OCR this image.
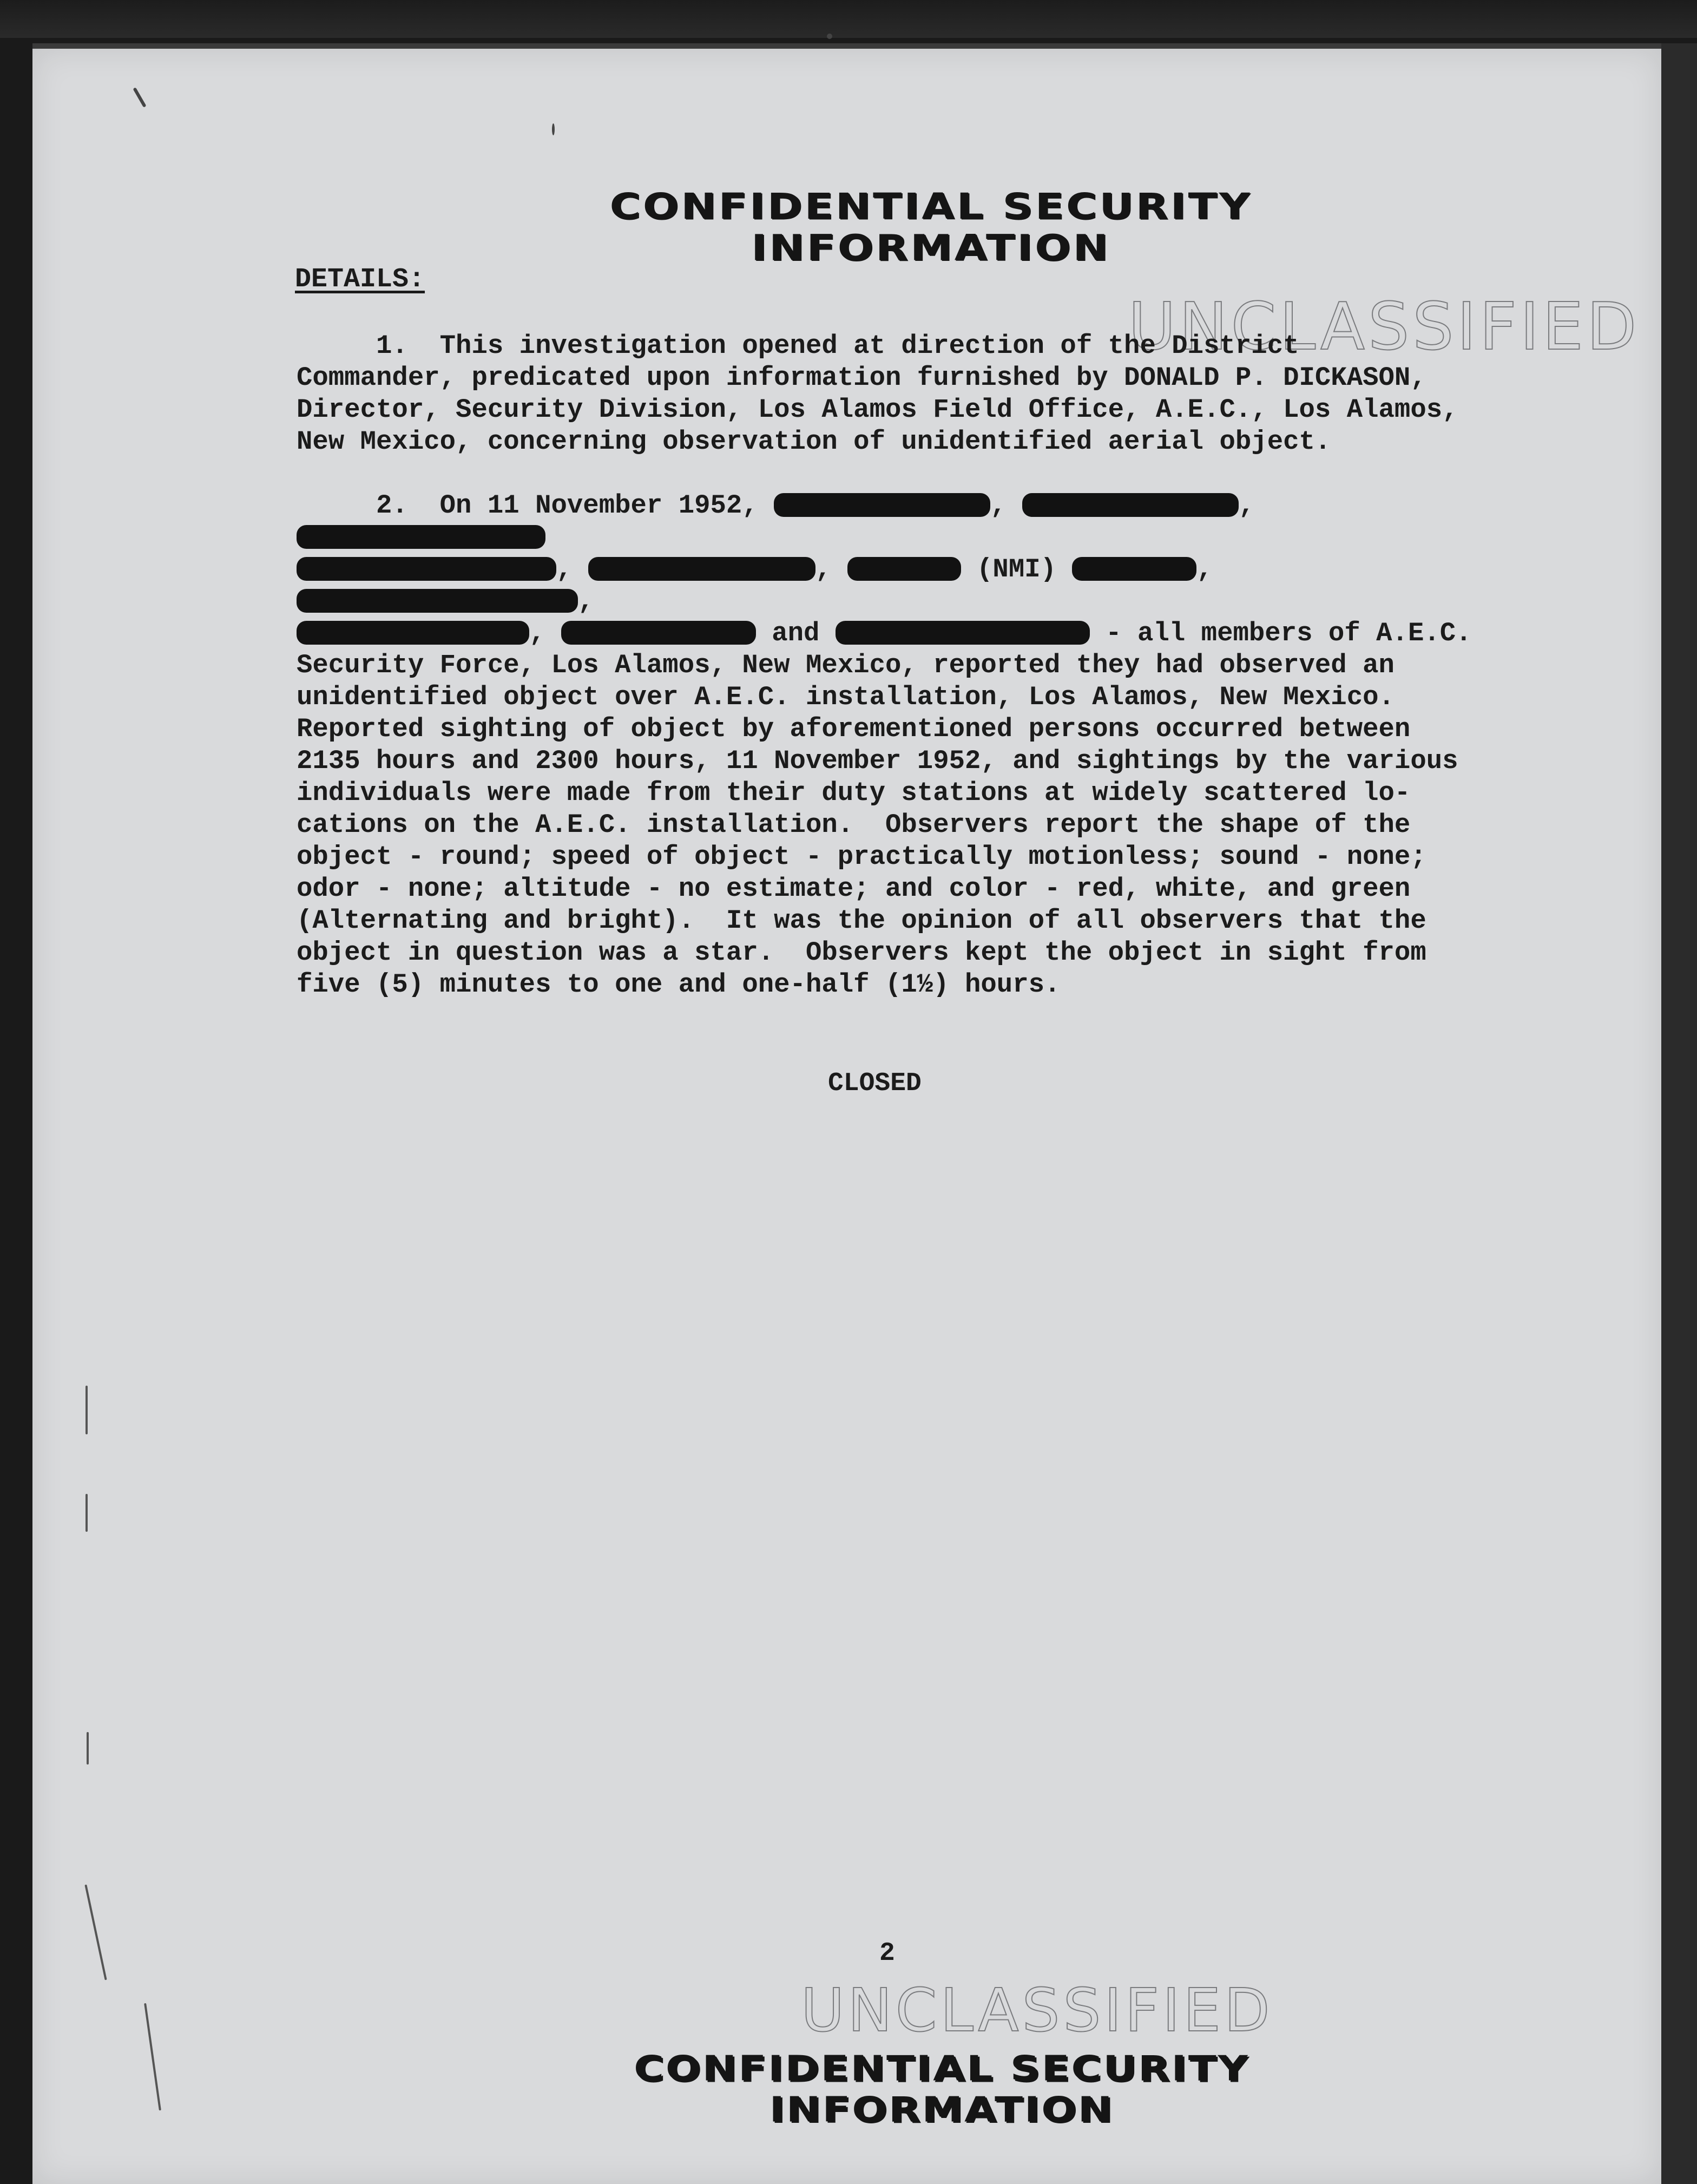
CONFIDENTIAL SECURITY INFORMATION
UNCLASSIFIED
DETAILS:
1.  This investigation opened at direction of the District
Commander, predicated upon information furnished by DONALD P. DICKASON,
Director, Security Division, Los Alamos Field Office, A.E.C., Los Alamos,
New Mexico, concerning observation of unidentified aerial object.
2.  On 11 November 1952,	,	,
,	,	(NMI)	, ,
,	and	- all members of A.E.C.
Security Force, Los Alamos, New Mexico, reported they had observed an
unidentified object over A.E.C. installation, Los Alamos, New Mexico.
Reported sighting of object by aforementioned persons occurred between
2135 hours and 2300 hours, 11 November 1952, and sightings by the various
individuals were made from their duty stations at widely scattered lo-
cations on the A.E.C. installation.  Observers report the shape of the
object - round; speed of object - practically motionless; sound - none;
odor - none; altitude - no estimate; and color - red, white, and green
(Alternating and bright).  It was the opinion of all observers that the
object in question was a star.  Observers kept the object in sight from
five (5) minutes to one and one-half (1½) hours.
CLOSED
2
UNCLASSIFIED
CONFIDENTIAL SECURITY INFORMATION
